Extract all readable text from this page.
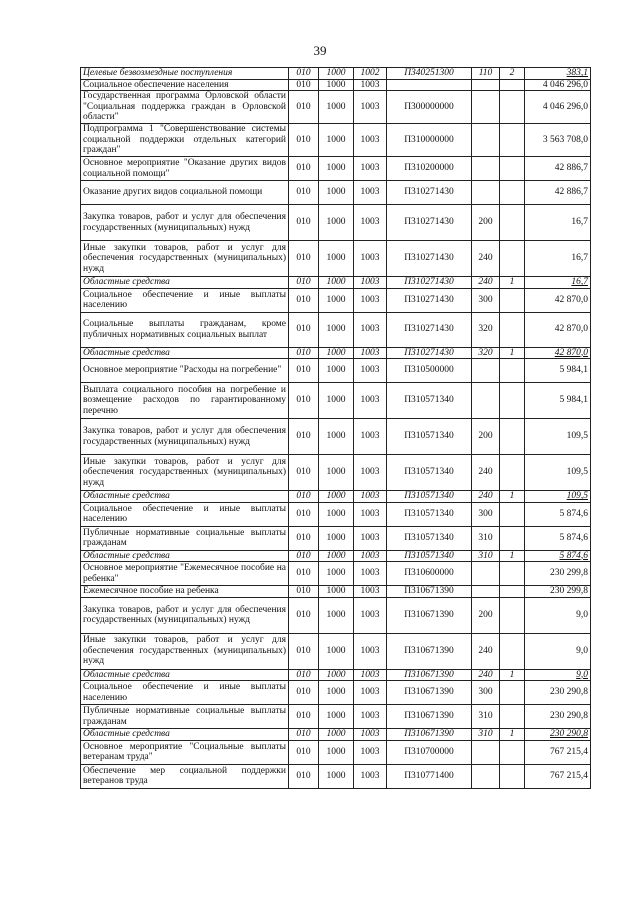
39
Целевые безвозмездные поступления	010	1000	1002	П340251300	110	2	383,1
Социальное обеспечение населения	010	1000	1003				4 046 296,0
Государственная программа Орловской области "Социальная поддержка граждан в Орловской области"	010	1000	1003	П300000000			4 046 296,0
Подпрограмма 1 "Совершенствование системы социальной поддержки отдельных категорий граждан"	010	1000	1003	П310000000			3 563 708,0
Основное мероприятие "Оказание других видов социальной помощи"	010	1000	1003	П310200000			42 886,7
Оказание других видов социальной помощи	010	1000	1003	П310271430			42 886,7
Закупка товаров, работ и услуг для обеспечения государственных (муниципальных) нужд	010	1000	1003	П310271430	200		16,7
Иные закупки товаров, работ и услуг для обеспечения государственных (муниципальных) нужд	010	1000	1003	П310271430	240		16,7
Областные средства	010	1000	1003	П310271430	240	1	16,7
Социальное обеспечение и иные выплаты населению	010	1000	1003	П310271430	300		42 870,0
Социальные выплаты гражданам, кроме публичных нормативных социальных выплат	010	1000	1003	П310271430	320		42 870,0
Областные средства	010	1000	1003	П310271430	320	1	42 870,0
Основное мероприятие "Расходы на погребение"	010	1000	1003	П310500000			5 984,1
Выплата социального пособия на погребение и возмещение расходов по гарантированному перечню	010	1000	1003	П310571340			5 984,1
Закупка товаров, работ и услуг для обеспечения государственных (муниципальных) нужд	010	1000	1003	П310571340	200		109,5
Иные закупки товаров, работ и услуг для обеспечения государственных (муниципальных) нужд	010	1000	1003	П310571340	240		109,5
Областные средства	010	1000	1003	П310571340	240	1	109,5
Социальное обеспечение и иные выплаты населению	010	1000	1003	П310571340	300		5 874,6
Публичные нормативные социальные выплаты гражданам	010	1000	1003	П310571340	310		5 874,6
Областные средства	010	1000	1003	П310571340	310	1	5 874,6
Основное мероприятие "Ежемесячное пособие на ребенка"	010	1000	1003	П310600000			230 299,8
Ежемесячное пособие на ребенка	010	1000	1003	П310671390			230 299,8
Закупка товаров, работ и услуг для обеспечения государственных (муниципальных) нужд	010	1000	1003	П310671390	200		9,0
Иные закупки товаров, работ и услуг для обеспечения государственных (муниципальных) нужд	010	1000	1003	П310671390	240		9,0
Областные средства	010	1000	1003	П310671390	240	1	9,0
Социальное обеспечение и иные выплаты населению	010	1000	1003	П310671390	300		230 290,8
Публичные нормативные социальные выплаты гражданам	010	1000	1003	П310671390	310		230 290,8
Областные средства	010	1000	1003	П310671390	310	1	230 290,8
Основное мероприятие "Социальные выплаты ветеранам труда"	010	1000	1003	П310700000			767 215,4
Обеспечение мер социальной поддержки ветеранов труда	010	1000	1003	П310771400			767 215,4
